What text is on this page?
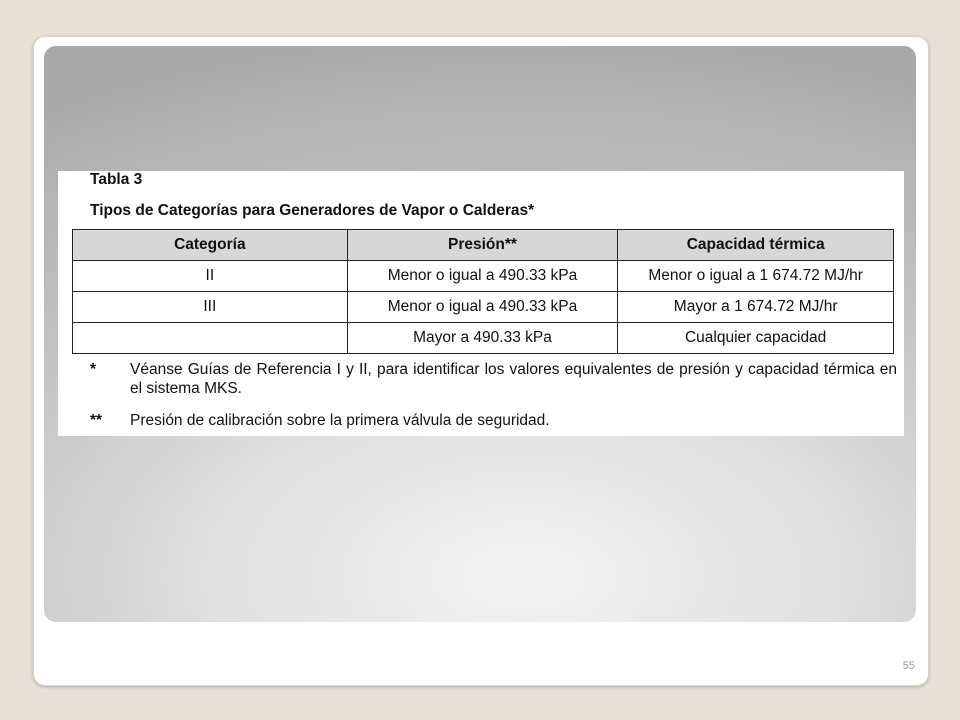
Tabla 3
Tipos de Categorías para Generadores de Vapor o Calderas*
Categoría	Presión**	Capacidad térmica
II	Menor o igual a 490.33 kPa	Menor o igual a 1 674.72 MJ/hr
III	Menor o igual a 490.33 kPa	Mayor a 1 674.72 MJ/hr
	Mayor a 490.33 kPa	Cualquier capacidad
*	Véanse Guías de Referencia I y II, para identificar los valores equivalentes de presión y capacidad térmica en el sistema MKS.
**	Presión de calibración sobre la primera válvula de seguridad.
55
